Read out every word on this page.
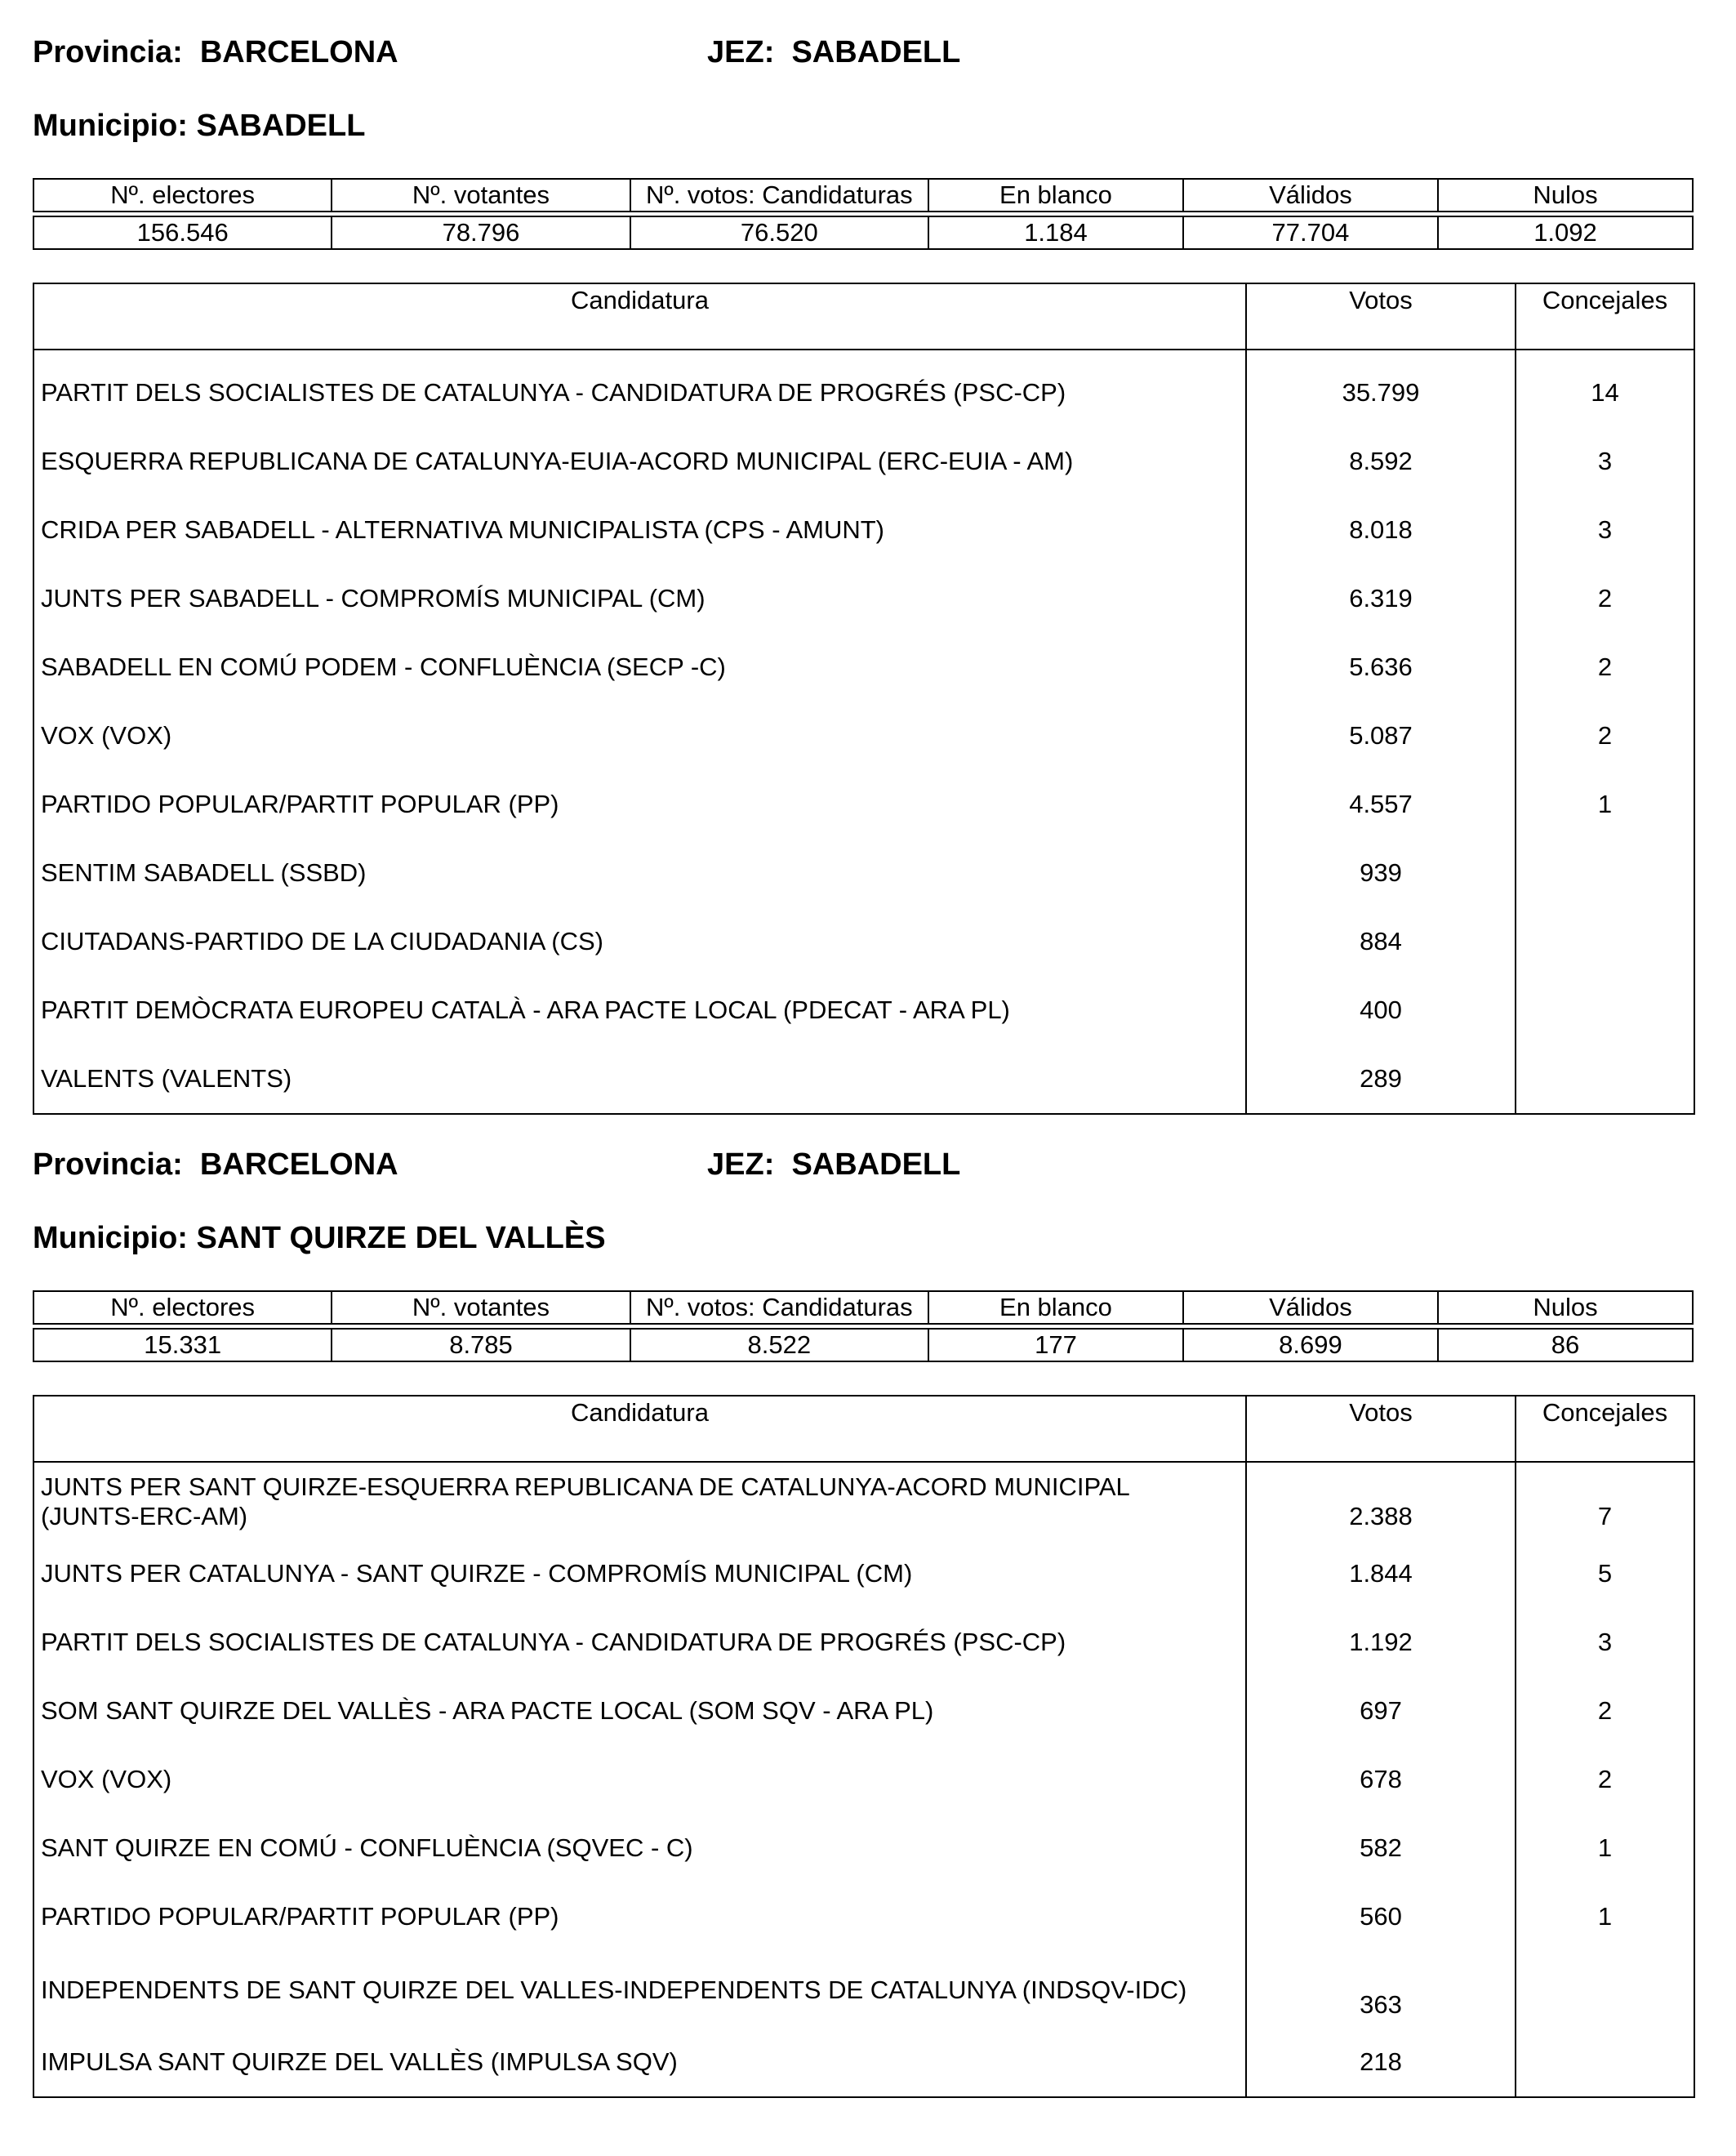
Provincia:  BARCELONA	JEZ:  SABADELL
Municipio: SABADELL
Nº. electores	Nº. votantes	Nº. votos: Candidaturas	En blanco	Válidos	Nulos

156.546	78.796	76.520	1.184	77.704	1.092
Candidatura	Votos	Concejales
PARTIT DELS SOCIALISTES DE CATALUNYA - CANDIDATURA DE PROGRÉS (PSC-CP)	35.799	14
ESQUERRA REPUBLICANA DE CATALUNYA-EUIA-ACORD MUNICIPAL (ERC-EUIA - AM)	8.592	3
CRIDA PER SABADELL - ALTERNATIVA MUNICIPALISTA (CPS - AMUNT)	8.018	3
JUNTS PER SABADELL - COMPROMÍS MUNICIPAL (CM)	6.319	2
SABADELL EN COMÚ PODEM - CONFLUÈNCIA (SECP -C)	5.636	2
VOX (VOX)	5.087	2
PARTIDO POPULAR/PARTIT POPULAR (PP)	4.557	1
SENTIM SABADELL (SSBD)	939	
CIUTADANS-PARTIDO DE LA CIUDADANIA (CS)	884	
PARTIT DEMÒCRATA EUROPEU CATALÀ - ARA PACTE LOCAL (PDECAT - ARA PL)	400	
VALENTS (VALENTS)	289	
Provincia:  BARCELONA	JEZ:  SABADELL
Municipio: SANT QUIRZE DEL VALLÈS
Nº. electores	Nº. votantes	Nº. votos: Candidaturas	En blanco	Válidos	Nulos

15.331	8.785	8.522	177	8.699	86
Candidatura	Votos	Concejales
JUNTS PER SANT QUIRZE-ESQUERRA REPUBLICANA DE CATALUNYA-ACORD MUNICIPAL (JUNTS-ERC-AM)	2.388	7
JUNTS PER CATALUNYA - SANT QUIRZE - COMPROMÍS MUNICIPAL (CM)	1.844	5
PARTIT DELS SOCIALISTES DE CATALUNYA - CANDIDATURA DE PROGRÉS (PSC-CP)	1.192	3
SOM SANT QUIRZE DEL VALLÈS - ARA PACTE LOCAL (SOM SQV - ARA PL)	697	2
VOX (VOX)	678	2
SANT QUIRZE EN COMÚ - CONFLUÈNCIA (SQVEC - C)	582	1
PARTIDO POPULAR/PARTIT POPULAR (PP)	560	1
INDEPENDENTS DE SANT QUIRZE DEL VALLES-INDEPENDENTS DE CATALUNYA (INDSQV-IDC)	363	
IMPULSA SANT QUIRZE DEL VALLÈS (IMPULSA SQV)	218	
